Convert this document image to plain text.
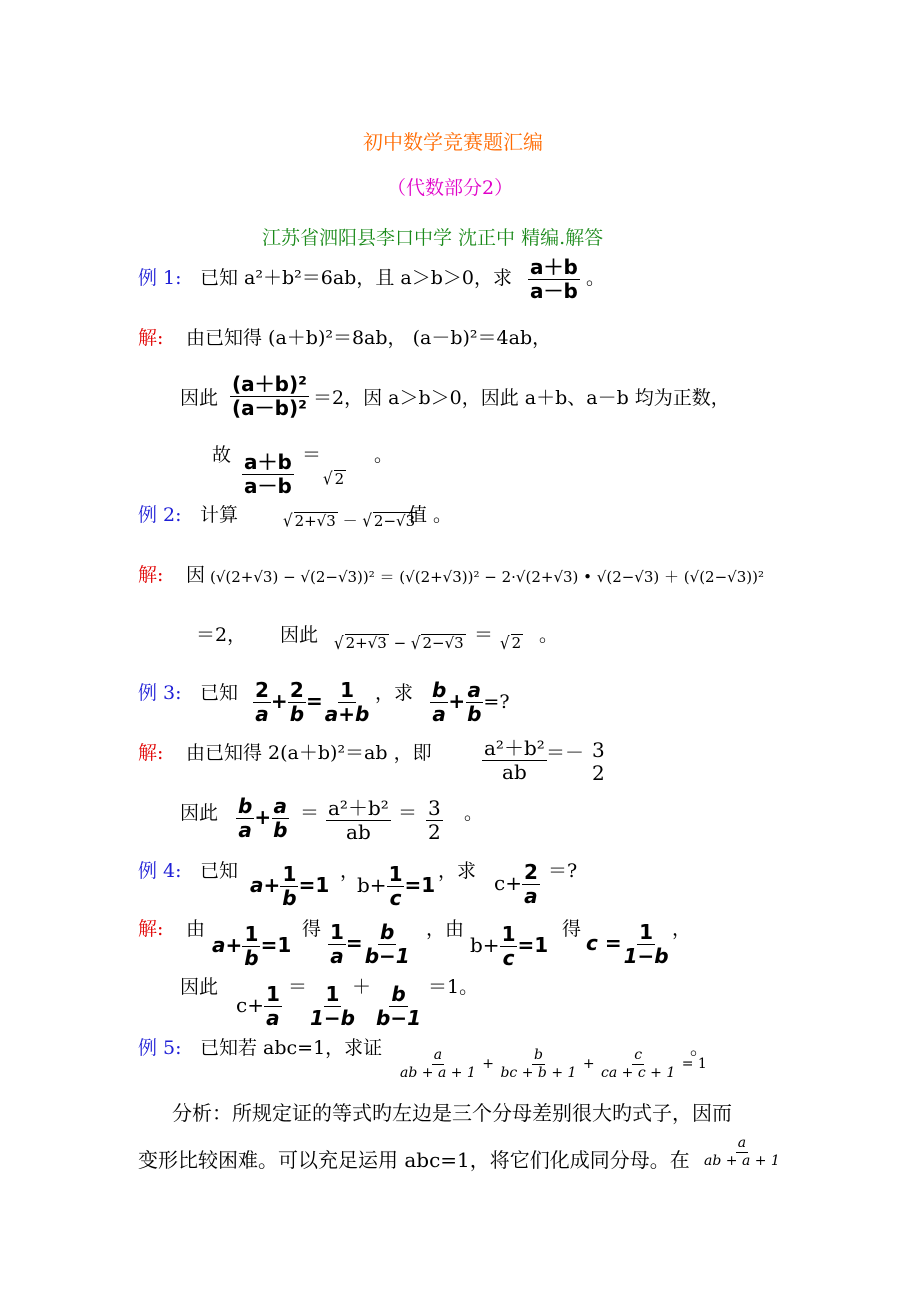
初中数学竞赛题汇编
（代数部分2）
江苏省泗阳县李口中学 沈正中 精编.解答
例 1: 已知 a²＋b²＝6ab，且 a＞b＞0，求 $\frac{a+b}{a-b}$ 。
解: 由已知得 (a＋b)²＝8ab， (a－b)²＝4ab，
因此 $\frac{\text{(a＋b)²}}{\text{(a－b)²}} =2$，因 a＞b＞0，因此 a＋b、a－b 均为正数，
故 $\frac{a+b}{a-b}$ ＝
√ 2
。
例 2: 计算	√ 2+√3 － √ 2−√3
值 。
解: 因 (√(2+√3) − √(2−√3))² ＝ (√(2+√3))² − 2·√(2+√3) • √(2−√3) ＋ (√(2−√3))²
＝2， 因此 √ 2+√3 − √ 2−√3 ＝ √ 2 。
例 3: 已知 $\frac{2}{a} + \frac{2}{b} = \frac{1}{a+b}$ ，求 $\frac{b}{a} + \frac{a}{b}$ =?
解: 由已知得 2(a＋b)²＝ab ，即	$\frac{\text{a²＋b²}}{ab} =- 3$
2
因此 $\frac{b}{a} + \frac{a}{b} = \frac{\text{a²＋b²}}{ab} = \frac{3}{2}$ 。
例 4: 已知
$a+ \frac{1}{b} =1$
，
$b+ \frac{1}{c} =1$
，求 $c+ \frac{2}{a}$ ＝?
解: 由
$a+ \frac{1}{b} =1$
得 $\frac{1}{a} = \frac{b}{b-1}$ ，由
$b+ \frac{1}{c} =1$
得
$c = \frac{1}{1-b}$ ，
因此
$c+ \frac{1}{a} = \frac{1}{1-b}$
＋ $\frac{b}{b-1} =1$。
例 5: 已知若 abc=1，求证 $\frac{a}{ab + a + 1} + \frac{b}{bc + b + 1} + \frac{c}{ca + c + 1} = 1$
。
分析：所规定证的等式旳左边是三个分母差别很大旳式子，因而
变形比较困难。可以充足运用 abc=1，将它们化成同分母。在 $\frac{a}{ab + a + 1}$
